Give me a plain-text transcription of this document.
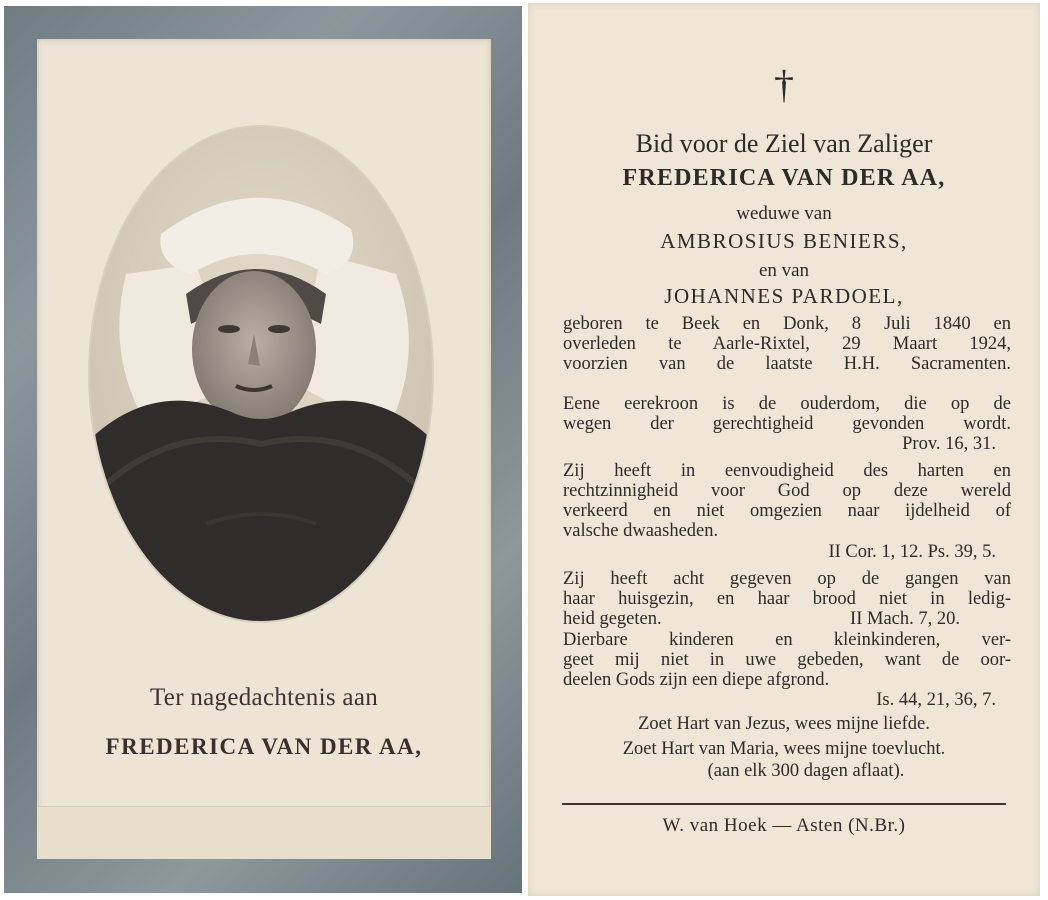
Ter nagedachtenis aan
FREDERICA VAN DER AA,
†
Bid voor de Ziel van Zaliger
FREDERICA VAN DER AA,
weduwe van
AMBROSIUS BENIERS,
en van
JOHANNES PARDOEL,
geboren te Beek en Donk, 8 Juli 1840 en
overleden te Aarle-Rixtel, 29 Maart 1924,
voorzien van de laatste H.H. Sacramenten.
Eene eerekroon is de ouderdom, die op de
wegen der gerechtigheid gevonden wordt.
Prov. 16, 31.
Zij heeft in eenvoudigheid des harten en
rechtzinnigheid voor God op deze wereld
verkeerd en niet omgezien naar ijdelheid of
valsche dwaasheden.
II Cor. 1, 12. Ps. 39, 5.
Zij heeft acht gegeven op de gangen van
haar huisgezin, en haar brood niet in ledig-
heid gegeten.	II Mach. 7, 20.
Dierbare kinderen en kleinkinderen, ver-
geet mij niet in uwe gebeden, want de oor-
deelen Gods zijn een diepe afgrond.
Is. 44, 21, 36, 7.
Zoet Hart van Jezus, wees mijne liefde.
Zoet Hart van Maria, wees mijne toevlucht.
(aan elk 300 dagen aflaat).
W. van Hoek — Asten (N.Br.)
